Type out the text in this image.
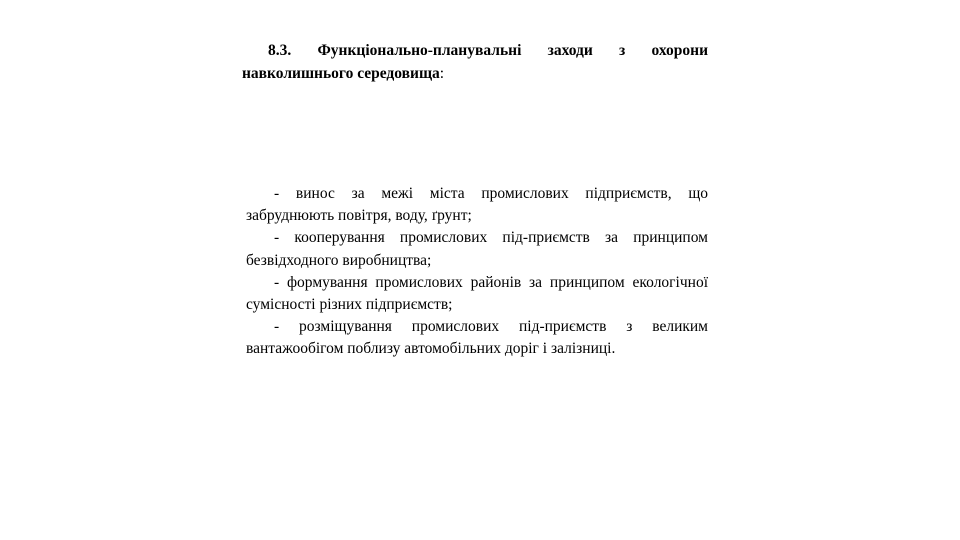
8.3. Функціонально-планувальні заходи з охорони навколишнього середовища:

- винос за межі міста промислових підприємств, що забруднюють повітря, воду, ґрунт;
- кооперування промислових під-приємств за принципом безвідходного виробництва;
- формування промислових районів за принципом екологічної сумісності різних підприємств;
- розміщування промислових під-приємств з великим вантажообігом поблизу автомобільних доріг і залізниці.
